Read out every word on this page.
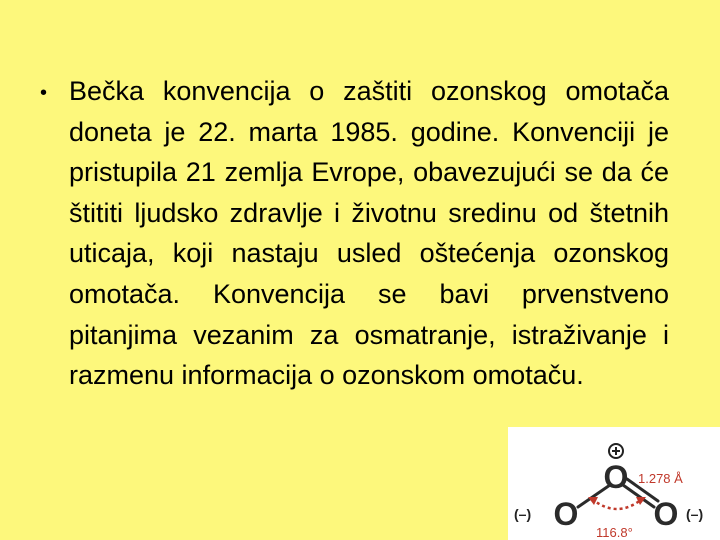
• Bečka konvencija o zaštiti ozonskog omotača doneta je 22. marta 1985. godine. Konvenciji je pristupila 21 zemlja Evrope, obavezujući se da će štititi ljudsko zdravlje i životnu sredinu od štetnih uticaja, koji nastaju usled oštećenja ozonskog omotača. Konvencija se bavi prvenstveno pitanjima vezanim za osmatranje, istraživanje i razmenu informacija o ozonskom omotaču.

O
O O
(–)	(–)
1.278 Å
116.8°
